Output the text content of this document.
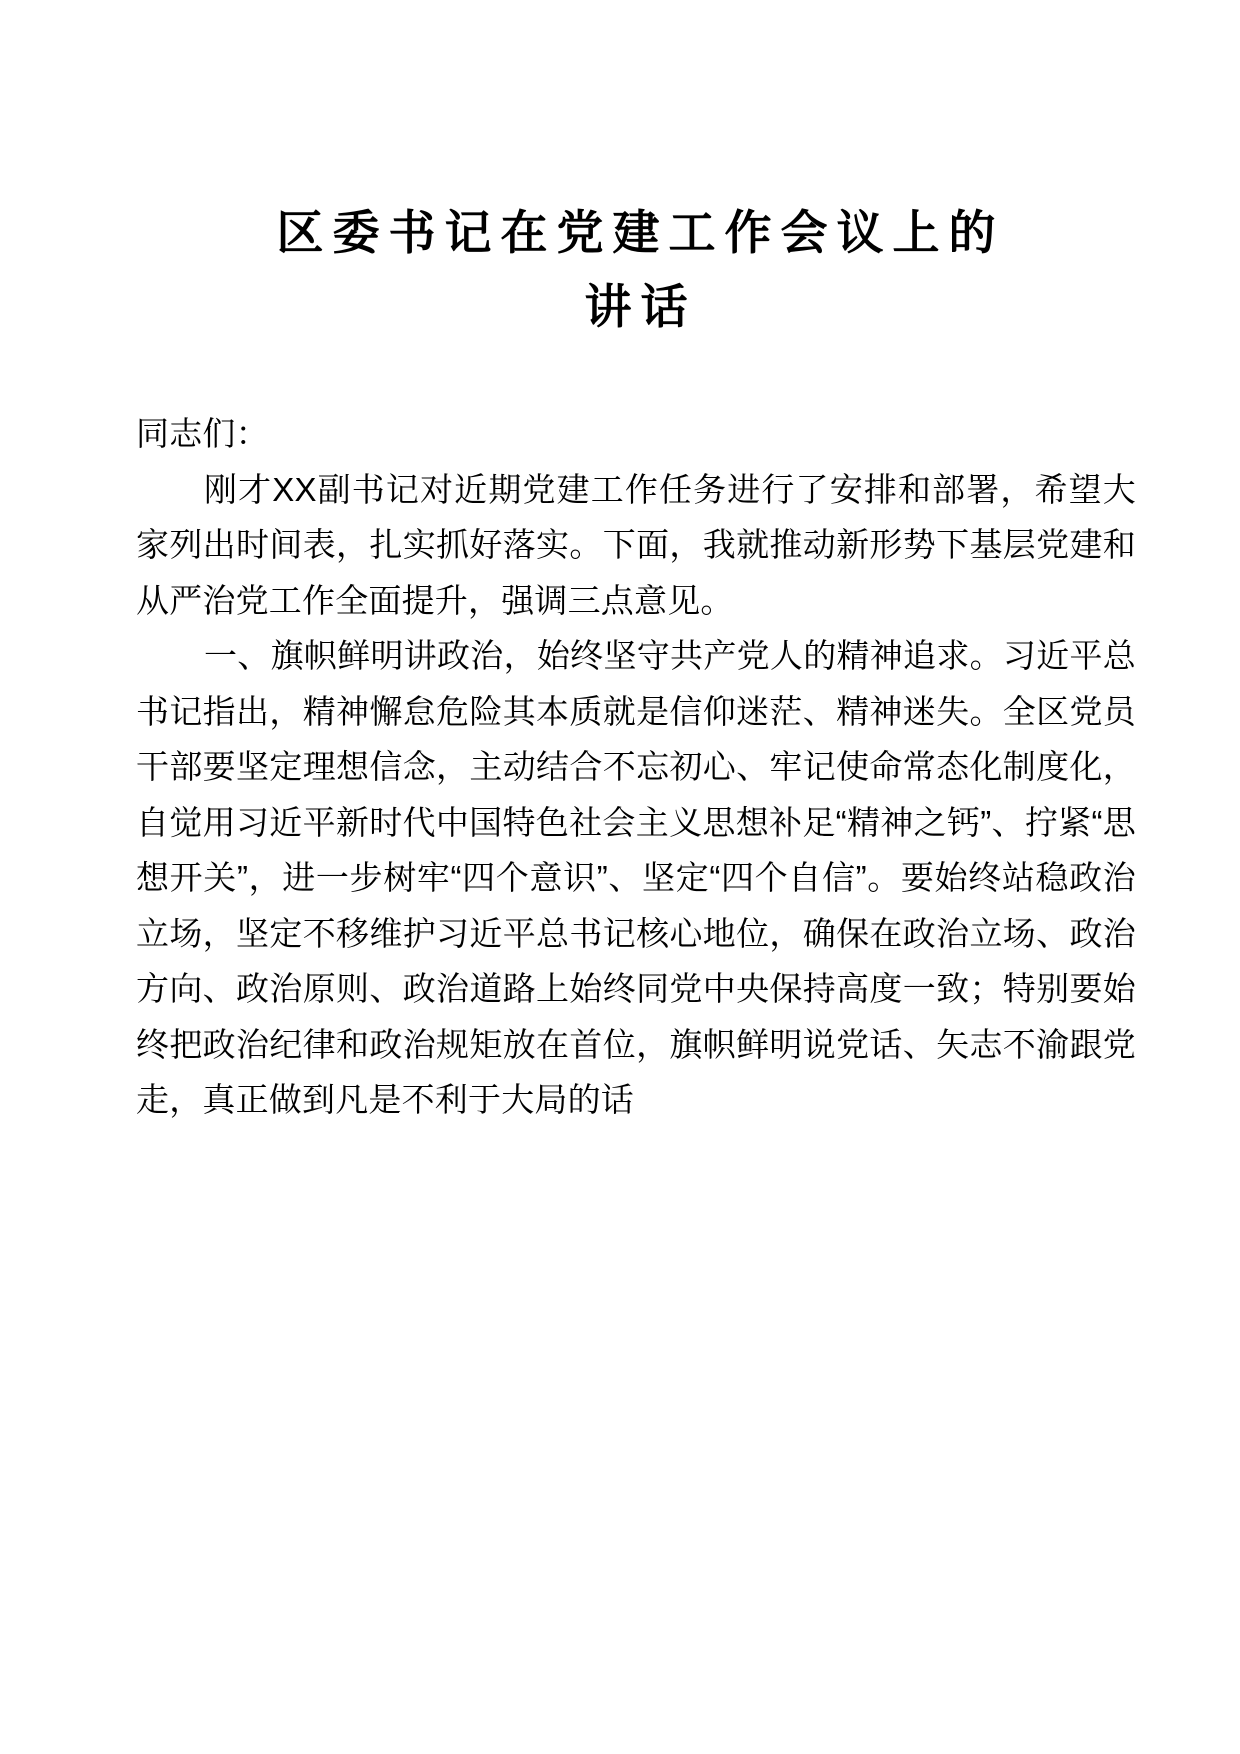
区委书记在党建工作会议上的
讲话

同志们：

刚才XX副书记对近期党建工作任务进行了安排和部署，希望大家列出时间表，扎实抓好落实。下面，我就推动新形势下基层党建和从严治党工作全面提升，强调三点意见。

一、旗帜鲜明讲政治，始终坚守共产党人的精神追求。习近平总书记指出，精神懈怠危险其本质就是信仰迷茫、精神迷失。全区党员干部要坚定理想信念，主动结合不忘初心、牢记使命常态化制度化，自觉用习近平新时代中国特色社会主义思想补足“精神之钙”、拧紧“思想开关”，进一步树牢“四个意识”、坚定“四个自信”。要始终站稳政治立场，坚定不移维护习近平总书记核心地位，确保在政治立场、政治方向、政治原则、政治道路上始终同党中央保持高度一致；特别要始终把政治纪律和政治规矩放在首位，旗帜鲜明说党话、矢志不渝跟党走，真正做到凡是不利于大局的话
